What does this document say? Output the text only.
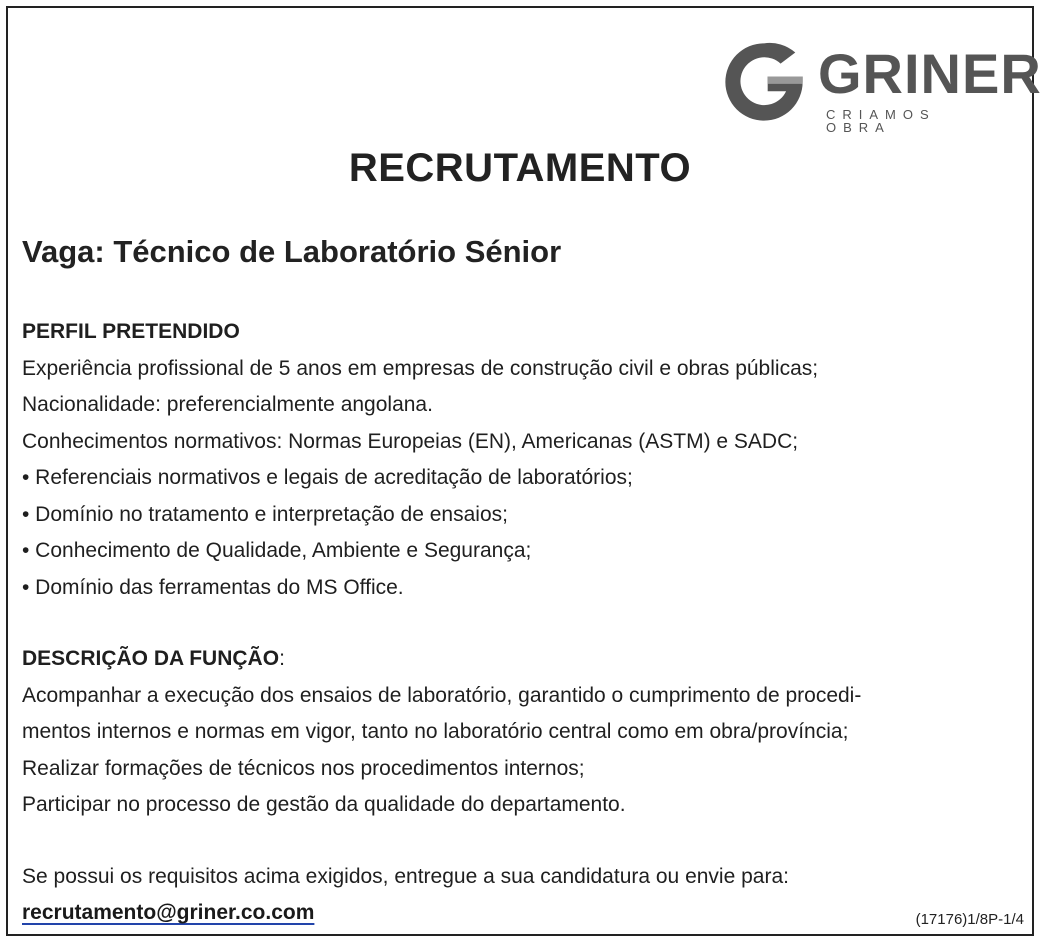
GRINER
CRIAMOS OBRA
RECRUTAMENTO
Vaga: Técnico de Laboratório Sénior
PERFIL PRETENDIDO
Experiência profissional de 5 anos em empresas de construção civil e obras públicas;
Nacionalidade: preferencialmente angolana.
Conhecimentos normativos: Normas Europeias (EN), Americanas (ASTM) e SADC;
• Referenciais normativos e legais de acreditação de laboratórios;
• Domínio no tratamento e interpretação de ensaios;
• Conhecimento de Qualidade, Ambiente e Segurança;
• Domínio das ferramentas do MS Office.
DESCRIÇÃO DA FUNÇÃO:
Acompanhar a execução dos ensaios de laboratório, garantido o cumprimento de procedi-
mentos internos e normas em vigor, tanto no laboratório central como em obra/província;
Realizar formações de técnicos nos procedimentos internos;
Participar no processo de gestão da qualidade do departamento.
Se possui os requisitos acima exigidos, entregue a sua candidatura ou envie para:
recrutamento@griner.co.com	(17176)1/8P-1/4
